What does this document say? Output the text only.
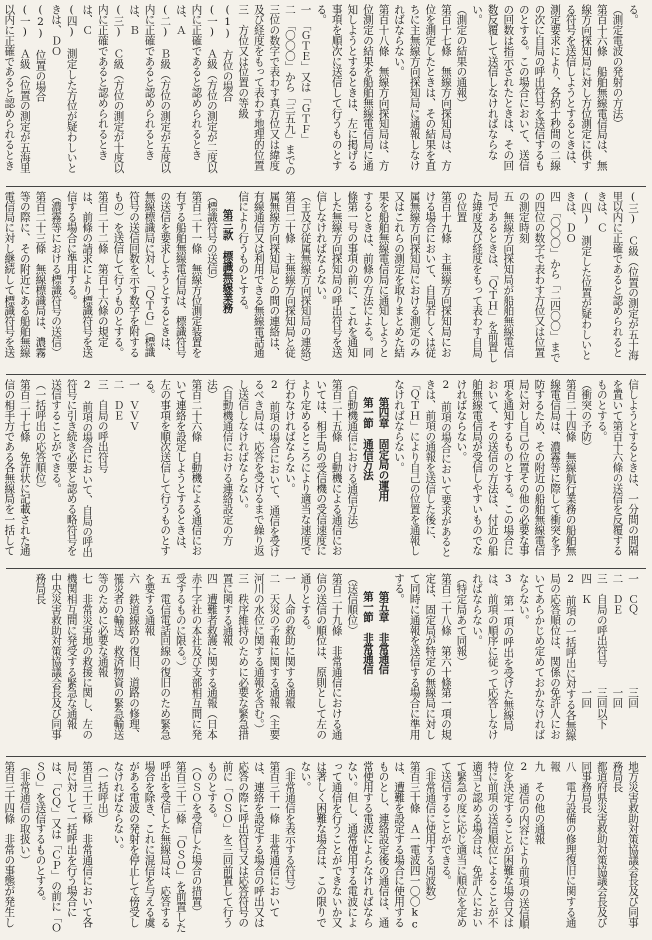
る。

（測定電波の発射の方法）

第百十六條　船舶無線電信局は、無線方向探知局に対し方位測定に供する符号を送信しようとするときは、測定要求により、各約十秒間の二線の次に自局の呼出符号を送信するものとする。この場合において、送信の回数は指示されたときは、その回数反覆して送信しなければならない。

（測定の結果の通報）

第百十七條　無線方向探知局は、方位を測定したときは、その結果を直ちに主無線方向探知局に通報しなければならない。

第百十八條　無線方向探知局は、方位測定の結果を船舶無線電信局に通知しようとするときは、左に掲げる事項を順次に送信して行うものとする。

一　「ＧＴＥ」又は「ＧＴＦ」

二　「〇〇〇」から「三五九」までの三位の数字で表わす真方位又は緯度及び経度をもって表わす地理的位置

三　方位又は位置の等級

(1)　方位の場合

(一)　Ａ級（方位の測定が二度以内に正確であると認められるときは、Ａ

(二)　Ｂ級（方位の測定が五度以内に正確であると認められるときは、Ｂ

(三)　Ｃ級（方位の測定が十度以内に正確であると認められるときは、Ｃ

(四)　測定した方位が疑わしいときは、ＤＯ

(2)　位置の場合

(一)　Ａ級（位置の測定が五海里以内に正確であると認められるとき

(三)　Ｃ級（位置の測定が五十海里以内に正確であると認められるときは、Ｃ

(四)　測定した位置が疑わしいときは、ＤＯ

四　「〇〇〇」から「二四〇〇」までの四位の数字で表わす方位又は位置の測定時刻

五　無線方向探知局が船舶無線電信局であるときは、「ＱＴＨ」を前置した緯度及び経度をもって表わす自局の位置

第百十九條　主無線方向探知局における場合において、自局若しくは従属無線方向探知局における測定のみ又はこれらの測定を取りまとめた結果を船舶無線電信局に通知しようとするときは、前條の方法による。同條第一号の事項の前に、これを通知した無線方向探知局の呼出符号を送信しなければならない。

（主及び従属無線方向探知局の連絡）

第百二十條　主無線方向探知局と従属無線方向探知局との間の連絡は、有線通信又は利用できる無線電話通信により行うものとする。

第三款　標識無線業務

（標識符号の送信）

第百二十一條　無線方位測定装置を有する船舶無線電信局は、標識符号の送信を要求しようとするときは、無線標識局に対し、「ＱＴＧ」（標識符号の送信回数を示す数字を附するもの）を送信して行うものとする。

第百二十二條　第百十六條の規定は、前條の請求により標識符号を送信する場合に準用する。

（濃霧等における標識符号の送信）

第百二十三條　無線標識局は、濃霧等の際に、その附近にある船舶無線電信局に対し継続して標識符号を送

信しようとするときは、一分間の間隔を置いて第百十六條の送信を反覆するものとする。

（衝突の予防）

第百二十四條　無線航行業務の船舶無線電信局は、濃霧等に際して衝突を予防するため、その附近の船舶無線電信局に対し自己の位置その他の必要な事項を通知するものとする。この場合において、その送信の方法は、付近の船舶無線電信局が受信しやすいものでなければならない。

2　前項の場合において要求があるときは、前項の通報を送信した後に、「ＱＴＨ」により自己の位置を通報しなければならない。

第四章　固定局の運用

第一節　通信方法

（自動機通信における通信方法）

第百二十五條　自動機による通信においては、相手局の受信機の受信速度により定めるところにより適当な速度で行わなければならない。

2　前項の場合において、通信を受けるべき局は、応答を受けるまで繰り返し送信しなければならない。

（自動機通信における連絡設定の方法）

第百二十六條　自動機による通信において連絡を設定しようとするときは、左の事項を順次送信して行うものとする。

一　ＶＶＶ

二　ＤＥ

三　自局の呼出符号

2　前項の場合において、自局の呼出符号に引き続き必要と認める略符号を送信することができる。

（一括呼出の応答順位）

第百二十七條　免許状に記載された通信の相手方である各無線局を一括して

一　ＣＱ　　　　　　　三回

二　ＤＥ　　　　　　　一回

三　自局の呼出符号　　三回以下

四　Ｋ　　　　　　　　一回

2　前項の一括呼出に対する各無線局の応答順位は、関係の免許人においてあらかじめ定めておかなければならない。

3　第一項の呼出を受けた無線局は、前項の順序に従って応答しなければならない。

（特定局あて同報）

第百二十八條　第六十條第一項の規定は、固定局が特定の無線局に対して同時に通報を送信する場合に準用する。

第五章　非常通信

第一節　非常通信

（送信順位）

第百二十九條　非常通信における通信の送信の順位は、原則として左の通りとする。

一　人命の救助に関する通報

二　天災の予報に関する通報（主要河川の水位に関する通報を含む。）

三　秩序維持のために必要な緊急措置に関する通報

四　遭難者救護に関する通報（日本赤十字社の本社及び支部相互間に発受するものに限る。）

五　電信電話回線の復旧のため緊急を要する通報

六　鉄道線路の復旧、道路の修理、罹災者の輸送、救済物資の緊急輸送等のために必要な通報

七　非常災害地の救援に関し、左の機関相互間に発受する緊急な通報

中央災害救助対策協議会長及び同事務局長

地方災害救助対策協議会長及び同事務局長

都道府県災害救助対策協議会長及び同事務局長

八　電力設備の修理復旧に関する通報

九　その他の通報

2　通信の内容により前項の送信順位を決定することが困難な場合又は特に前項の送信順位によることが不適当と認める場合は、免許人において緊急の度に応じ適当に順位を定めて送信することができる。

（非常通信に使用する周波数）

第百三十條　Ａ一電波四一〇〇kcは、遭難を設定する場合に使用するものとし、連絡設定後の通信は、通常使用する電波によらなければならない。但し、通常使用する電波によって通信を行うことができないか又は著しく困難な場合は、この限りでない。

（非常通信を表示する符号）

第百三十一條　非常通信においては、連絡を設定する場合の呼出又は応答の際に呼出符号又は応答符号の前に「ＯＳＯ」を三回前置して行うものとする。

（ＯＳＯを受信した場合の措置）

第百三十二條　「ＯＳＯ」を前置した呼出を受信した無線局は、応答する場合を除き、これに混信を与える虞がある電波の発射を停止して傍受しなければならない。

（一括呼出）

第百三十三條　非常通信において各局に対して一括呼出を行う場合には、「ＣＱ」又は「ＣＰ」の前に「ＯＳＯ」を送信するものとする。

（非常通信の取扱い）

第百三十四條　非常の事態が発生し
